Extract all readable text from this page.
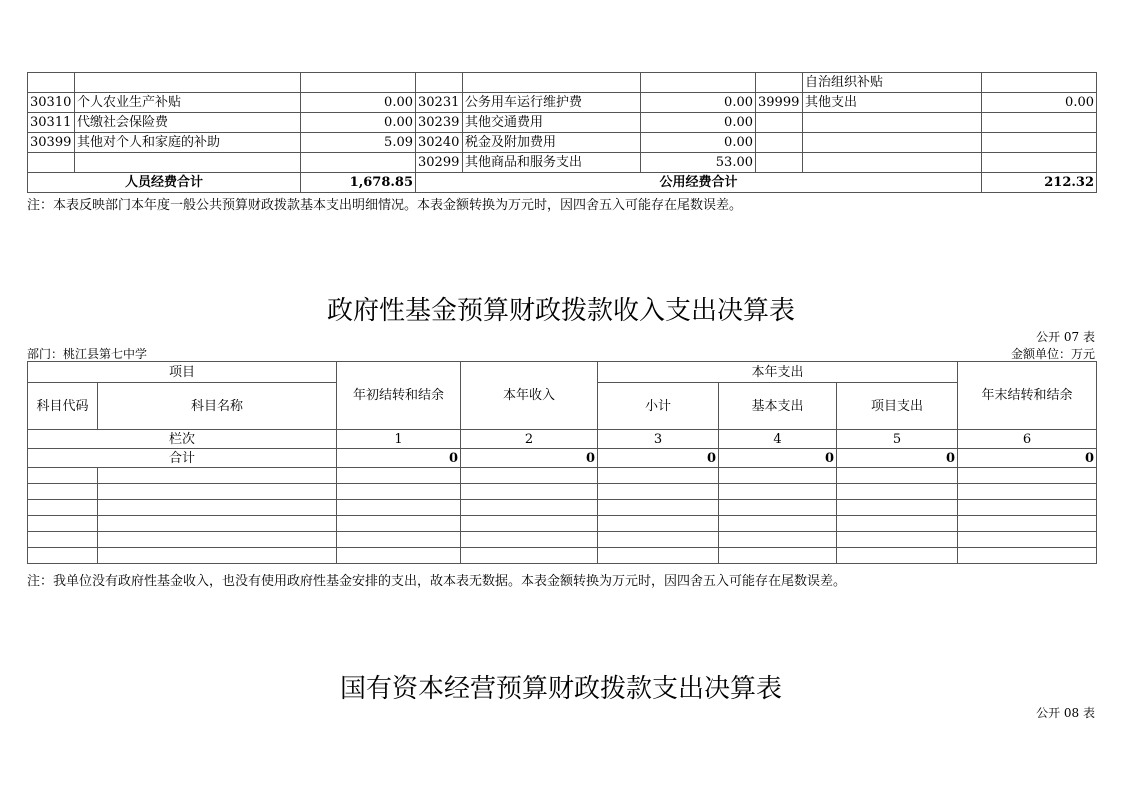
							自治组织补贴	
30310	个人农业生产补贴	0.00	30231	公务用车运行维护费	0.00	39999	其他支出	0.00
30311	代缴社会保险费	0.00	30239	其他交通费用	0.00			
30399	其他对个人和家庭的补助	5.09	30240	税金及附加费用	0.00			
			30299	其他商品和服务支出	53.00			
人员经费合计		1,678.85	公用经费合计					212.32
注：本表反映部门本年度一般公共预算财政拨款基本支出明细情况。本表金额转换为万元时，因四舍五入可能存在尾数误差。
政府性基金预算财政拨款收入支出决算表
公开 07 表
部门：桃江县第七中学	金额单位：万元
项目		年初结转和结余	本年收入	本年支出			年末结转和结余
科目代码	科目名称			小计	基本支出	项目支出	
栏次		1	2	3	4	5	6
合计		0	0	0	0	0	0

注：我单位没有政府性基金收入，也没有使用政府性基金安排的支出，故本表无数据。本表金额转换为万元时，因四舍五入可能存在尾数误差。
国有资本经营预算财政拨款支出决算表
公开 08 表
